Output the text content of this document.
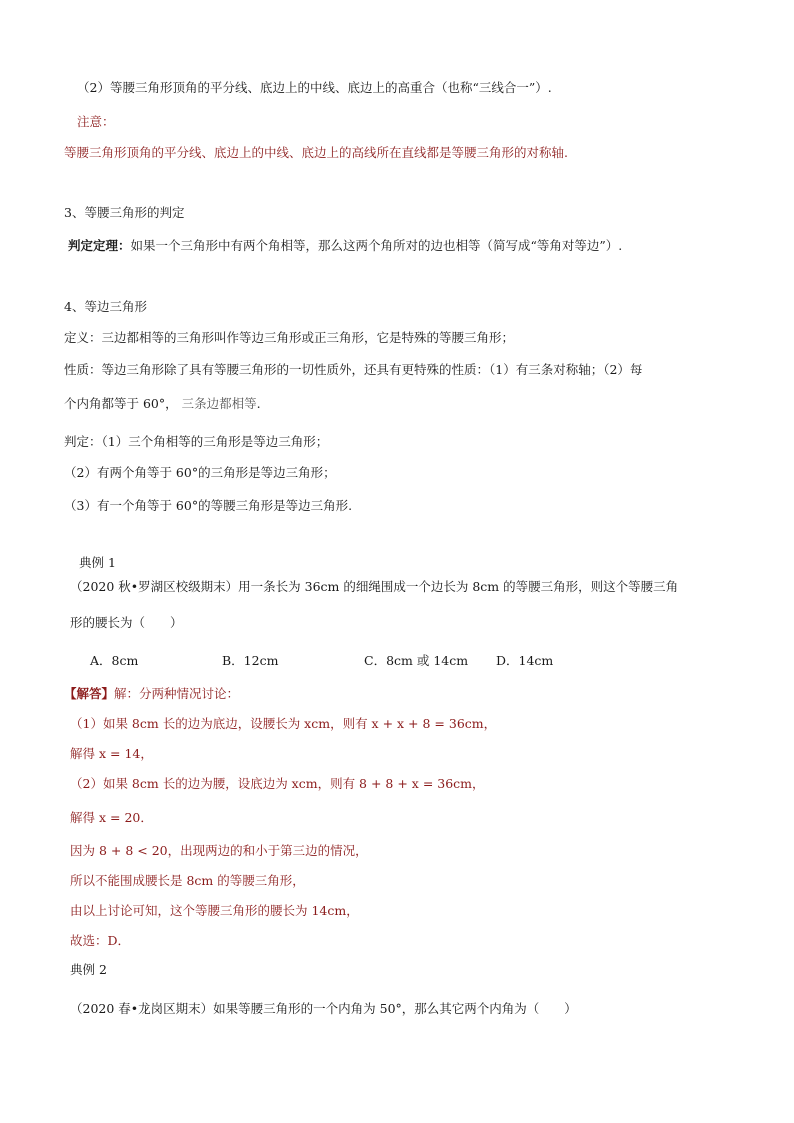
（2）等腰三角形顶角的平分线、底边上的中线、底边上的高重合（也称“三线合一”）.
注意：
等腰三角形顶角的平分线、底边上的中线、底边上的高线所在直线都是等腰三角形的对称轴.
3、等腰三角形的判定
判定定理：如果一个三角形中有两个角相等，那么这两个角所对的边也相等（简写成“等角对等边”）.
4、等边三角形
定义：三边都相等的三角形叫作等边三角形或正三角形，它是特殊的等腰三角形；
性质：等边三角形除了具有等腰三角形的一切性质外，还具有更特殊的性质：（1）有三条对称轴；（2）每
个内角都等于 60°， 三条边都相等.
判定：（1）三个角相等的三角形是等边三角形；
（2）有两个角等于 60°的三角形是等边三角形；
（3）有一个角等于 60°的等腰三角形是等边三角形.
典例 1
（2020 秋•罗湖区校级期末）用一条长为 36cm 的细绳围成一个边长为 8cm 的等腰三角形，则这个等腰三角
形的腰长为（　　）
A．8cm	B．12cm	C．8cm 或 14cm D．14cm
【解答】解：分两种情况讨论：
（1）如果 8cm 长的边为底边，设腰长为 xcm，则有 x + x + 8 = 36cm，
解得 x = 14，
（2）如果 8cm 长的边为腰，设底边为 xcm，则有 8 + 8 + x = 36cm，
解得 x = 20．
因为 8 + 8 < 20，出现两边的和小于第三边的情况，
所以不能围成腰长是 8cm 的等腰三角形，
由以上讨论可知，这个等腰三角形的腰长为 14cm，
故选：D．
典例 2
（2020 春•龙岗区期末）如果等腰三角形的一个内角为 50°，那么其它两个内角为（　　）
